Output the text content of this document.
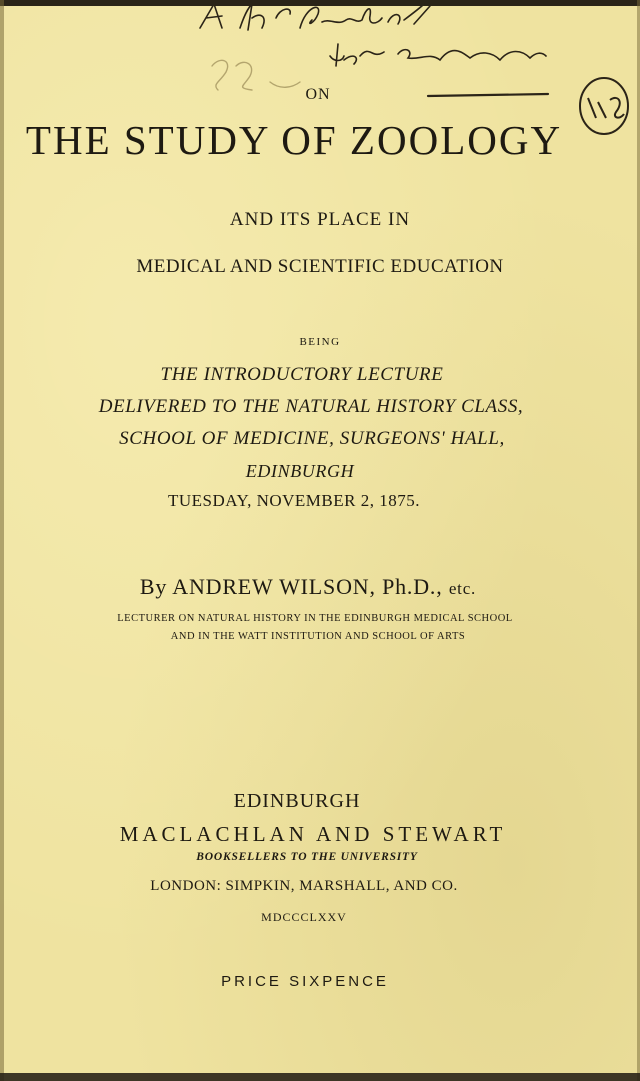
ON
THE STUDY OF ZOOLOGY
AND ITS PLACE IN
MEDICAL AND SCIENTIFIC EDUCATION
BEING
THE INTRODUCTORY LECTURE
DELIVERED TO THE NATURAL HISTORY CLASS,
SCHOOL OF MEDICINE, SURGEONS' HALL,
EDINBURGH
TUESDAY, NOVEMBER 2, 1875.
By ANDREW WILSON, Ph.D., etc.
LECTURER ON NATURAL HISTORY IN THE EDINBURGH MEDICAL SCHOOL
AND IN THE WATT INSTITUTION AND SCHOOL OF ARTS
EDINBURGH
MACLACHLAN AND STEWART
BOOKSELLERS TO THE UNIVERSITY
LONDON: SIMPKIN, MARSHALL, AND CO.
MDCCCLXXV
PRICE SIXPENCE
